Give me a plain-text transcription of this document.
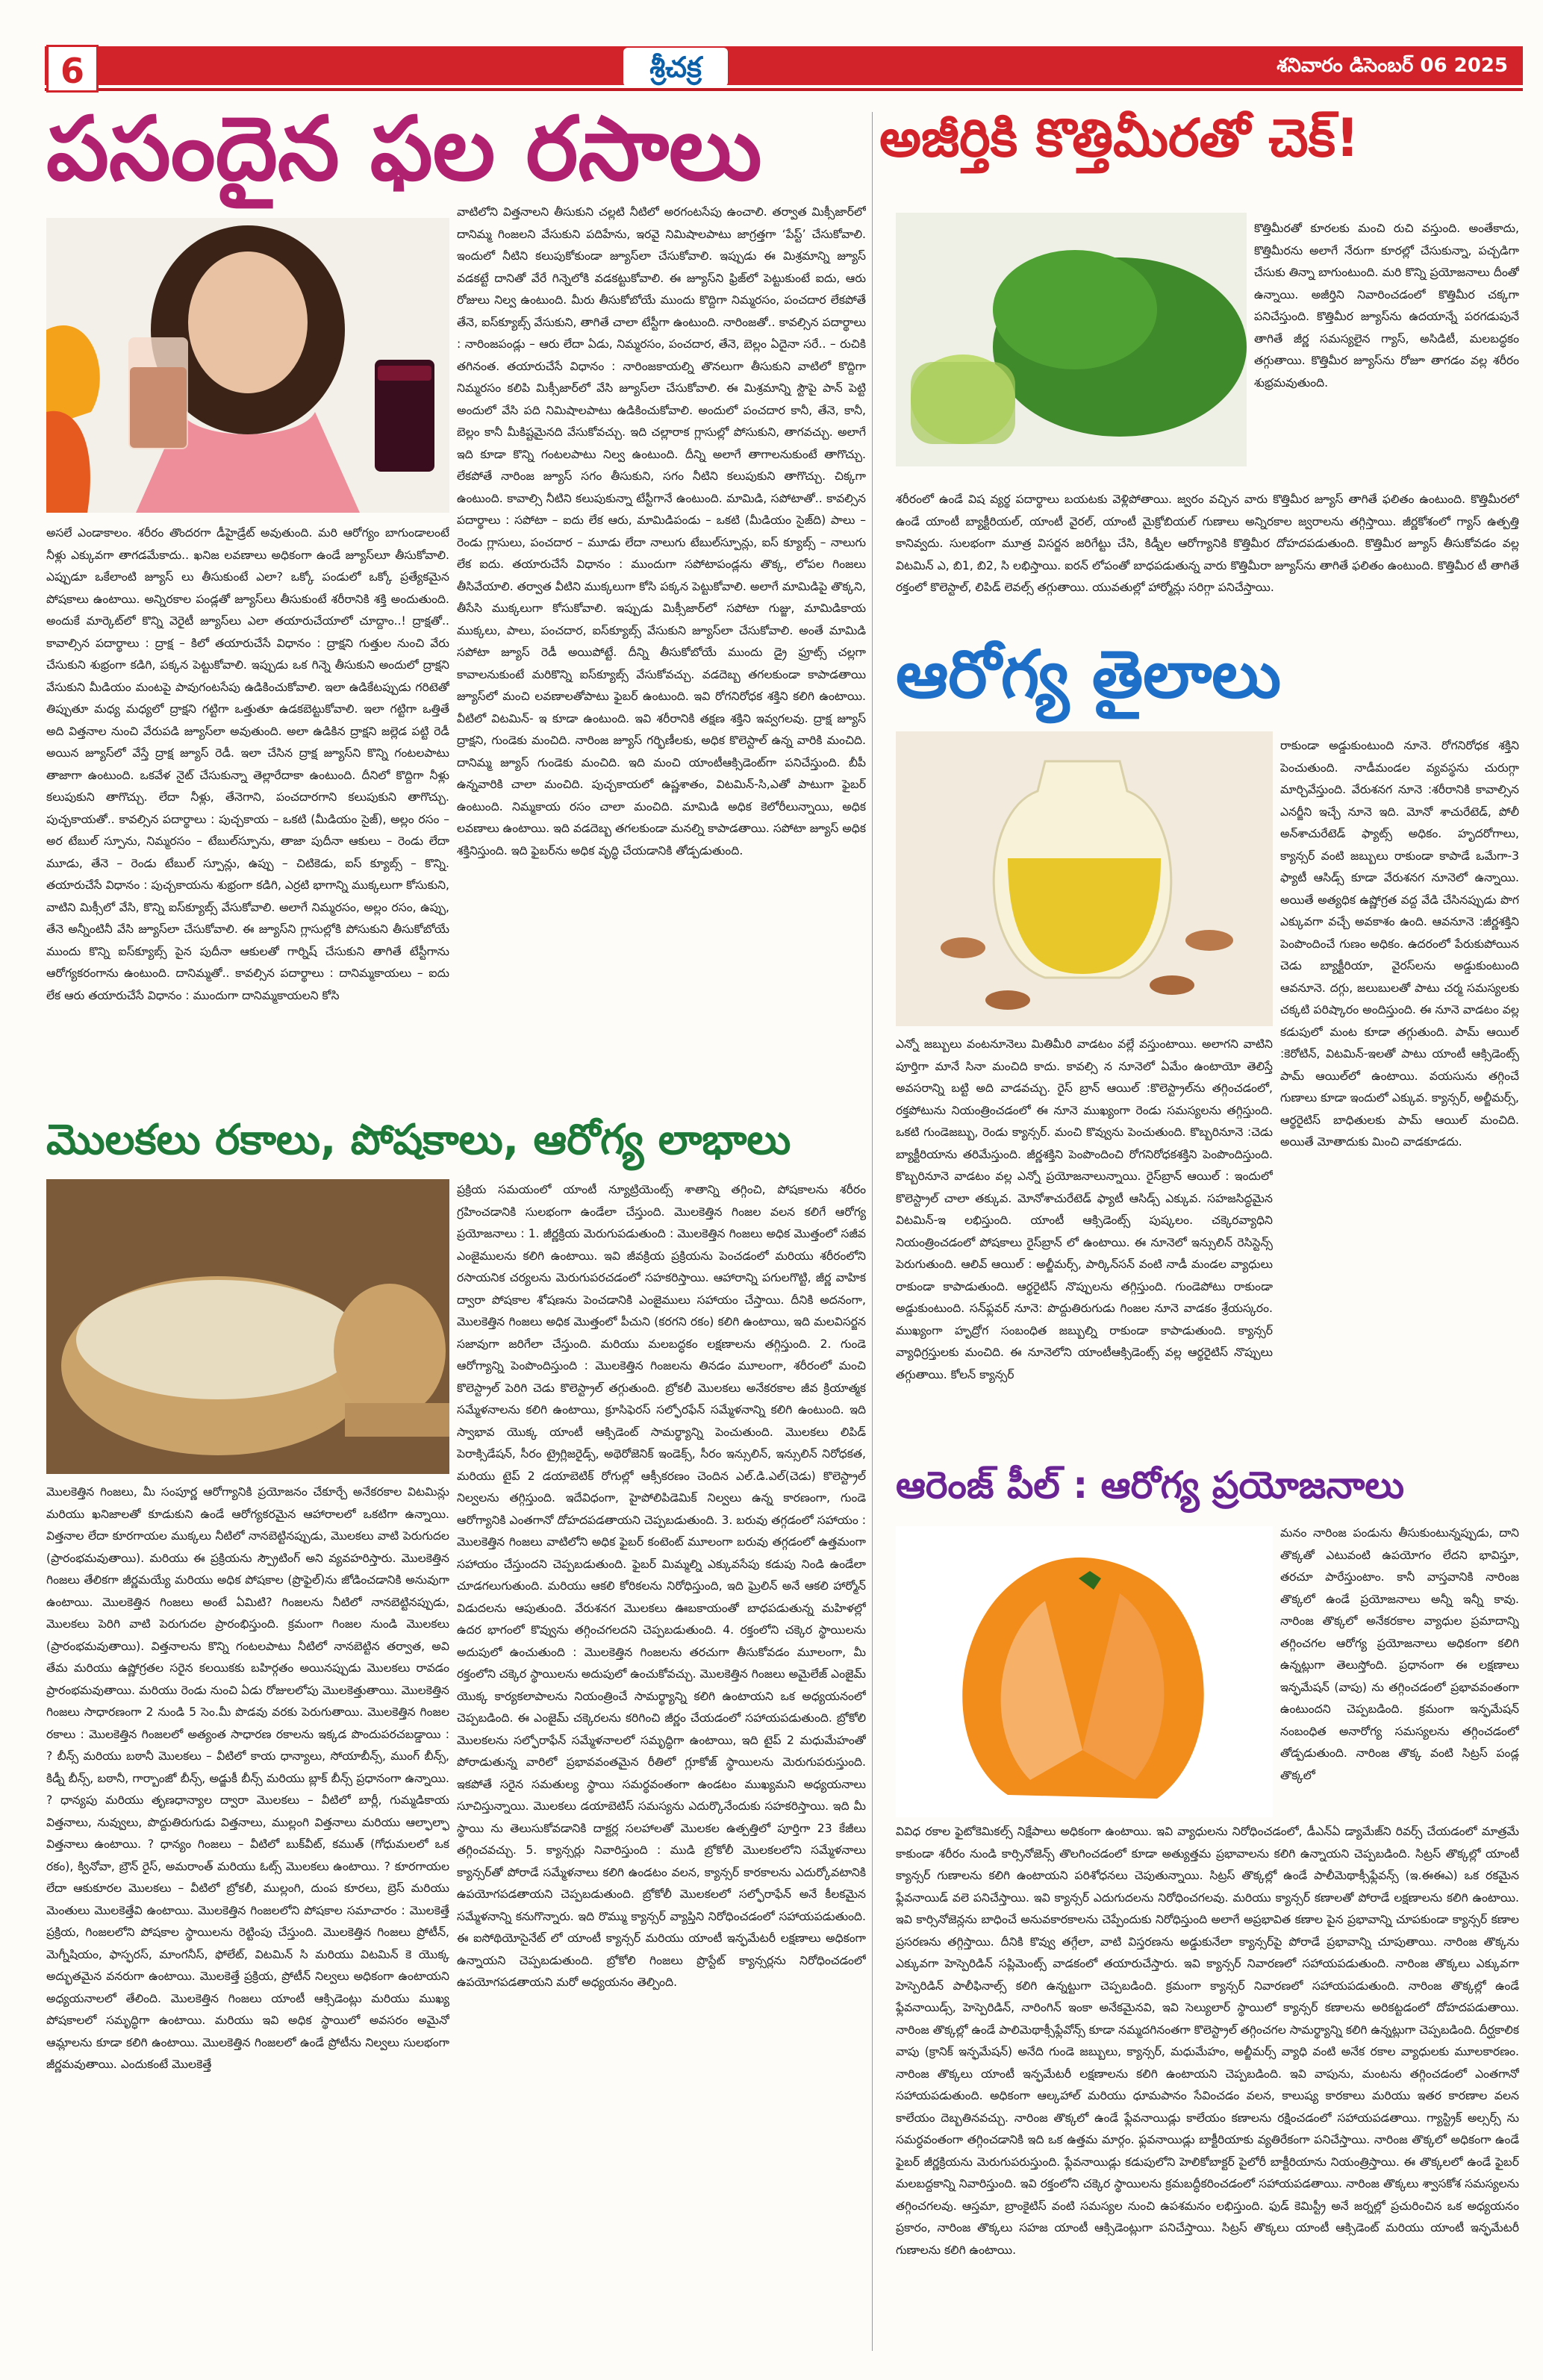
6	శ్రీచక్ర	శనివారం డిసెంబర్ 06 2025
పసందైన ఫల రసాలు
అసలే ఎండాకాలం. శరీరం తొందరగా డీహైడ్రేట్ అవుతుంది. మరి ఆరోగ్యం బాగుండాలంటే నీళ్లు ఎక్కువగా తాగడమేకాదు.. ఖనిజ లవణాలు అధికంగా ఉండే జ్యూస్‌లూ తీసుకోవాలి. ఎప్పుడూ ఒకేలాంటి జ్యూస్ లు తీసుకుంటే ఎలా? ఒక్కో పండులో ఒక్కో ప్రత్యేకమైన పోషకాలు ఉంటాయి. అన్నిరకాల పండ్లతో జ్యూస్‌లు తీసుకుంటే శరీరానికి శక్తి అందుతుంది. అందుకే మార్కెట్‌లో కొన్ని వెరైటీ జ్యూస్‌లు ఎలా తయారుచేయాలో చూద్దాం..! ద్రాక్షతో.. కావాల్సిన పదార్థాలు : ద్రాక్ష – కిలో తయారుచేసే విధానం : ద్రాక్షని గుత్తుల నుంచి వేరు చేసుకుని శుభ్రంగా కడిగి, పక్కన పెట్టుకోవాలి. ఇప్పుడు ఒక గిన్నె తీసుకుని అందులో ద్రాక్షని వేసుకుని మీడియం మంటపై పావుగంటసేపు ఉడికించుకోవాలి. ఇలా ఉడికేటప్పుడు గరిటెతో తిప్పుతూ మధ్య మధ్యలో ద్రాక్షని గట్టిగా ఒత్తుతూ ఉడకబెట్టుకోవాలి. ఇలా గట్టిగా ఒత్తితే అది విత్తనాల నుంచి వేరుపడి జ్యూస్‌లా అవుతుంది. అలా ఉడికిన ద్రాక్షని జల్లెడ పట్టి రెడీ అయిన జ్యూస్‌లో వేస్తే ద్రాక్ష జ్యూస్ రెడీ. ఇలా చేసిన ద్రాక్ష జ్యూస్‌ని కొన్ని గంటలపాటు తాజాగా ఉంటుంది. ఒకవేళ నైట్ చేసుకున్నా తెల్లారేదాకా ఉంటుంది. దీనిలో కొద్దిగా నీళ్లు కలుపుకుని తాగొచ్చు. లేదా నీళ్లు, తేనెగాని, పంచదారగాని కలుపుకుని తాగొచ్చు. పుచ్చకాయతో.. కావల్సిన పదార్థాలు : పుచ్చకాయ – ఒకటి (మీడియం సైజ్), అల్లం రసం – అర టేబుల్ స్పూను, నిమ్మరసం – టేబుల్‌స్పూను, తాజా పుదీనా ఆకులు – రెండు లేదా మూడు, తేనె – రెండు టేబుల్ స్పూన్లు, ఉప్పు – చిటికెడు, ఐస్ క్యూబ్స్ – కొన్ని. తయారుచేసే విధానం : పుచ్చకాయను శుభ్రంగా కడిగి, ఎర్రటి భాగాన్ని ముక్కలుగా కోసుకుని, వాటిని మిక్సీలో వేసి, కొన్ని ఐస్‌క్యూబ్స్ వేసుకోవాలి. అలాగే నిమ్మరసం, అల్లం రసం, ఉప్పు, తేనె అన్నీంటినీ వేసి జ్యూస్‌లా చేసుకోవాలి. ఈ జ్యూస్‌ని గ్లాసుల్లోకి పోసుకుని తీసుకోబోయే ముందు కొన్ని ఐస్‌క్యూబ్స్ పైన పుదీనా ఆకులతో గార్నిష్ చేసుకుని తాగితే టేస్టీగాను ఆరోగ్యకరంగాను ఉంటుంది. దానిమ్మతో.. కావల్సిన పదార్థాలు : దానిమ్మకాయలు – ఐదు లేక ఆరు తయారుచేసే విధానం : ముందుగా దానిమ్మకాయలని కోసి
వాటిలోని విత్తనాలని తీసుకుని చల్లటి నీటిలో అరగంటసేపు ఉంచాలి. తర్వాత మిక్సీజార్‌లో దానిమ్మ గింజలని వేసుకుని పదిహేను, ఇరవై నిమిషాలపాటు జాగ్రత్తగా ‘పేస్ట్’ చేసుకోవాలి. ఇందులో నీటిని కలుపుకోకుండా జ్యూస్‌లా చేసుకోవాలి. ఇప్పుడు ఈ మిశ్రమాన్ని జ్యూస్ వడకట్టే దానితో వేరే గిన్నెలోకి వడకట్టుకోవాలి. ఈ జ్యూస్‌ని ఫ్రిజ్‌లో పెట్టుకుంటే ఐదు, ఆరు రోజులు నిల్వ ఉంటుంది. మీరు తీసుకోబోయే ముందు కొద్దిగా నిమ్మరసం, పంచదార లేకపోతే తేనె, ఐస్‌క్యూబ్స్ వేసుకుని, తాగితే చాలా టేస్టీగా ఉంటుంది. నారింజతో.. కావల్సిన పదార్థాలు : నారింజపండ్లు – ఆరు లేదా ఏడు, నిమ్మరసం, పంచదార, తేనె, బెల్లం ఏదైనా సరే.. – రుచికి తగినంత. తయారుచేసే విధానం : నారింజకాయల్ని తొనలుగా తీసుకుని వాటిలో కొద్దిగా నిమ్మరసం కలిపి మిక్సీజార్‌లో వేసి జ్యూస్‌లా చేసుకోవాలి. ఈ మిశ్రమాన్ని స్టౌపై పాన్ పెట్టి అందులో వేసి పది నిమిషాలపాటు ఉడికించుకోవాలి. అందులో పంచదార కానీ, తేనె, కానీ, బెల్లం కానీ మీకిష్టమైనది వేసుకోవచ్చు. ఇది చల్లారాక గ్లాసుల్లో పోసుకుని, తాగవచ్చు. అలాగే ఇది కూడా కొన్ని గంటలపాటు నిల్వ ఉంటుంది. దీన్ని అలాగే తాగాలనుకుంటే తాగొచ్చు. లేకపోతే నారింజ జ్యూస్ సగం తీసుకుని, సగం నీటిని కలుపుకుని తాగొచ్చు. చిక్కగా ఉంటుంది. కావాల్సి నీటిని కలుపుకున్నా టేస్టీగానే ఉంటుంది. మామిడి, సపోటాతో.. కావల్సిన పదార్థాలు : సపోటా – ఐదు లేక ఆరు, మామిడిపండు – ఒకటి (మీడియం సైజ్‌ది) పాలు – రెండు గ్లాసులు, పంచదార – మూడు లేదా నాలుగు టేబుల్‌స్పూన్లు, ఐస్ క్యూబ్స్ – నాలుగు లేక ఐదు. తయారుచేసే విధానం : ముందుగా సపోటాపండ్లను తొక్క, లోపల గింజలు తీసివేయాలి. తర్వాత వీటిని ముక్కలుగా కోసి పక్కన పెట్టుకోవాలి. అలాగే మామిడిపై తొక్కని, తీసేసి ముక్కలుగా కోసుకోవాలి. ఇప్పుడు మిక్సీజార్‌లో సపోటా గుజ్జు, మామిడికాయ ముక్కలు, పాలు, పంచదార, ఐస్‌క్యూబ్స్ వేసుకుని జ్యూస్‌లా చేసుకోవాలి. అంతే మామిడి సపోటా జ్యూస్ రెడీ అయిపోట్టే. దీన్ని తీసుకోబోయే ముందు డ్రై ఫ్రూట్స్ చల్లగా కావాలనుకుంటే మరికొన్ని ఐస్‌క్యూబ్స్ వేసుకోవచ్చు. వడదెబ్బ తగలకుండా కాపాడతాయి జ్యూస్‌లో మంచి లవణాలతోపాటు ఫైబర్ ఉంటుంది. ఇవి రోగనిరోధక శక్తిని కలిగి ఉంటాయి. వీటిలో విటమిన్- ఇ కూడా ఉంటుంది. ఇవి శరీరానికి తక్షణ శక్తిని ఇవ్వగలవు. ద్రాక్ష జ్యూస్ ద్రాక్షని, గుండెకు మంచిది. నారింజ జ్యూస్ గర్భిణీలకు, అధిక కొలెస్టాల్ ఉన్న వారికి మంచిది. దానిమ్మ జ్యూస్ గుండెకు మంచిది. ఇది మంచి యాంటీఆక్సిడెంట్‌గా పనిచేస్తుంది. బీపీ ఉన్నవారికి చాలా మంచిది. పుచ్చకాయలో ఉష్ణశాతం, విటమిన్-సి,ఎ‌తో పాటుగా ఫైబర్ ఉంటుంది. నిమ్మకాయ రసం చాలా మంచిది. మామిడి అధిక కెలోరీలున్నాయి, అధిక లవణాలు ఉంటాయి. ఇది వడదెబ్బ తగలకుండా మనల్ని కాపాడతాయి. సపోటా జ్యూస్ అధిక శక్తినిస్తుంది. ఇది ఫైబర్‌ను అధిక వృద్ధి చేయడానికి తోడ్పడుతుంది.
మొలకలు రకాలు, పోషకాలు, ఆరోగ్య లాభాలు
మొలకెత్తిన గింజలు, మీ సంపూర్ణ ఆరోగ్యానికి ప్రయోజనం చేకూర్చే అనేకరకాల విటమిన్లు మరియు ఖనిజాలతో కూడుకుని ఉండే ఆరోగ్యకరమైన ఆహారాలలో ఒకటిగా ఉన్నాయి. విత్తనాల లేదా కూరగాయల ముక్కలు నీటిలో నానబెట్టినప్పుడు, మొలకలు వాటి పెరుగుదల (ప్రారంభమవుతాయి). మరియు ఈ ప్రక్రియను స్ప్రౌటింగ్ అని వ్యవహరిస్తారు. మొలకెత్తిన గింజలు తేలికగా జీర్ణమయ్యే మరియు అధిక పోషకాల (ప్రొఫైల్)ను జోడించడానికి అనువుగా ఉంటాయి. మొలకెత్తిన గింజలు అంటే ఏమిటి? గింజలను నీటిలో నానబెట్టినప్పుడు, మొలకలు పెరిగి వాటి పెరుగుదల ప్రారంభిస్తుంది. క్రమంగా గింజల నుండి మొలకలు (ప్రారంభమవుతాయి). విత్తనాలను కొన్ని గంటలపాటు నీటిలో నానబెట్టిన తర్వాత, అవి తేమ మరియు ఉష్ణోగ్రతల సరైన కలయికకు బహిర్గతం అయినప్పుడు మొలకలు రావడం ప్రారంభమవుతాయి. మరియు రెండు నుంచి ఏడు రోజులలోపు మొలకెత్తుతాయి. మొలకెత్తిన గింజలు సాధారణంగా 2 నుండి 5 సెం.మీ పొడవు వరకు పెరుగుతాయి. మొలకెత్తిన గింజల రకాలు : మొలకెత్తిన గింజలలో అత్యంత సాధారణ రకాలను ఇక్కడ పొందుపరచబడ్డాయి : ? బీన్స్ మరియు బఠానీ మొలకలు – వీటిలో కాయ ధాన్యాలు, సోయాబీన్స్, ముంగ్ బీన్స్, కిడ్నీ బీన్స్, బఠానీ, గార్బాంజో బీన్స్, అడ్జుకీ బీన్స్ మరియు బ్లాక్ బీన్స్ ప్రధానంగా ఉన్నాయి. ? ధాన్యపు మరియు తృణధాన్యాల ద్వారా మొలకలు – వీటిలో బార్లీ, గుమ్మడికాయ విత్తనాలు, నువ్వులు, పొద్దుతిరుగుడు విత్తనాలు, ముల్లంగి విత్తనాలు మరియు ఆల్ఫాల్ఫా విత్తనాలు ఉంటాయి. ? ధాన్యం గింజలు – వీటిలో బుక్‌వీట్, కముత్ (గోధుమలలో ఒక రకం), క్వినోవా, బ్రౌన్ రైస్, అమరాంత్ మరియు ఓట్స్ మొలకలు ఉంటాయి. ? కూరగాయల లేదా ఆకుకూరల మొలకలు – వీటిలో బ్రోకలీ, ముల్లంగి, దుంప కూరలు, బ్రెస్ మరియు మెంతులు మొలకెత్తేవి ఉంటాయి. మొలకెత్తిన గింజలలోని పోషకాల సమాచారం : మొలకెత్తే ప్రక్రియ, గింజలలోని పోషకాల స్థాయిలను రెట్టింపు చేస్తుంది. మొలకెత్తిన గింజలు ప్రోటీన్, మెగ్నీషియం, ఫాస్ఫరస్, మాంగనీస్, ఫోలేట్, విటమిన్ సి మరియు విటమిన్ కె యొక్క అద్భుతమైన వనరుగా ఉంటాయి. మొలకెత్తే ప్రక్రియ, ప్రోటీన్ నిల్వలు అధికంగా ఉంటాయని అధ్యయనాలలో తేలింది. మొలకెత్తిన గింజలు యాంటీ ఆక్సిడెంట్లు మరియు ముఖ్య పోషకాలలో సమృద్ధిగా ఉంటాయి. మరియు ఇవి అధిక స్థాయిలో అవసరం అమైనో ఆమ్లాలను కూడా కలిగి ఉంటాయి. మొలకెత్తిన గింజలలో ఉండే ప్రోటీను నిల్వలు సులభంగా జీర్ణమవుతాయి. ఎందుకంటే మొలకెత్తే
ప్రక్రియ సమయంలో యాంటీ న్యూట్రియెంట్స్ శాతాన్ని తగ్గించి, పోషకాలను శరీరం గ్రహించడానికి సులభంగా ఉండేలా చేస్తుంది. మొలకెత్తిన గింజల వలన కలిగే ఆరోగ్య ప్రయోజనాలు : 1. జీర్ణక్రియ మెరుగుపడుతుంది : మొలకెత్తిన గింజలు అధిక మొత్తంలో సజీవ ఎంజైములను కలిగి ఉంటాయి. ఇవి జీవక్రియ ప్రక్రియను పెంచడంలో మరియు శరీరంలోని రసాయనిక చర్యలను మెరుగుపరచడంలో సహకరిస్తాయి. ఆహారాన్ని పగులగొట్టి, జీర్ణ వాహిక ద్వారా పోషకాల శోషణను పెంచడానికి ఎంజైములు సహాయం చేస్తాయి. దీనికి అదనంగా, మొలకెత్తిన గింజలు అధిక మొత్తంలో పీచుని (కరగని రకం) కలిగి ఉంటాయి, ఇది మలవిసర్జన సజావుగా జరిగేలా చేస్తుంది. మరియు మలబద్ధకం లక్షణాలను తగ్గిస్తుంది. 2. గుండె ఆరోగ్యాన్ని పెంపొందిస్తుంది : మొలకెత్తిన గింజలను తినడం మూలంగా, శరీరంలో మంచి కొలెస్ట్రాల్ పెరిగి చెడు కొలెస్ట్రాల్ తగ్గుతుంది. బ్రోకలీ మొలకలు అనేకరకాల జీవ క్రియాత్మక సమ్మేళనాలను కలిగి ఉంటాయి, క్రూసిఫెరస్ సల్ఫోరఫేన్ సమ్మేళనాన్ని కలిగి ఉంటుంది. ఇది స్వాభావ యొక్క యాంటీ ఆక్సిడెంట్ సామర్థ్యాన్ని పెంచుతుంది. మొలకలు లిపిడ్ పెరాక్సిడేషన్, సీరం ట్రైగ్లిజరైడ్స్, అథెరోజెనిక్ ఇండెక్స్, సీరం ఇన్సులిన్, ఇన్సులిన్ నిరోధకత, మరియు టైప్ 2 డయాబెటిక్ రోగుల్లో ఆక్సీకరణం చెందిన ఎల్.డి.ఎల్(చెడు) కొలెస్ట్రాల్ నిల్వలను తగ్గిస్తుంది. ఇదేవిధంగా, హైపోలిపిడెమిక్ నిల్వలు ఉన్న కారణంగా, గుండె ఆరోగ్యానికి ఎంతగానో దోహదపడతాయని చెప్పబడుతుంది. 3. బరువు తగ్గడంలో సహాయం : మొలకెత్తిన గింజలు వాటిలోని అధిక ఫైబర్ కంటెంట్ మూలంగా బరువు తగ్గడంలో ఉత్తమంగా సహాయం చేస్తుందని చెప్పబడుతుంది. ఫైబర్ మిమ్మల్ని ఎక్కువసేపు కడుపు నిండి ఉండేలా చూడగలుగుతుంది. మరియు ఆకలి కోరికలను నిరోధిస్తుంది, ఇది ఘ్రెలిన్ అనే ఆకలి హార్మోన్ విడుదలను ఆపుతుంది. వేరుశనగ మొలకలు ఊబకాయంతో బాధపడుతున్న మహిళల్లో ఉదర భాగంలో కొవ్వును తగ్గించగలదని చెప్పబడుతుంది. 4. రక్తంలోని చక్కెర స్థాయిలను అదుపులో ఉంచుతుంది : మొలకెత్తిన గింజలను తరచుగా తీసుకోవడం మూలంగా, మీ రక్తంలోని చక్కెర స్థాయిలను అదుపులో ఉంచుకోవచ్చు. మొలకెత్తిన గింజలు అమైలేజ్ ఎంజైమ్ యొక్క కార్యకలాపాలను నియంత్రించే సామర్థ్యాన్ని కలిగి ఉంటాయని ఒక అధ్యయనంలో చెప్పబడింది. ఈ ఎంజైమ్ చక్కెరలను కరిగించి జీర్ణం చేయడంలో సహాయపడుతుంది. బ్రోకోలి మొలకలను సల్ఫోరాఫేన్ సమ్మేళనాలలో సమృద్ధిగా ఉంటాయి, ఇది టైప్ 2 మధుమేహంతో పోరాడుతున్న వారిలో ప్రభావవంతమైన రీతిలో గ్లూకోజ్ స్థాయిలను మెరుగుపరుస్తుంది. ఇకపోతే సరైన సమతుల్య స్థాయి సమర్థవంతంగా ఉండటం ముఖ్యమని అధ్యయనాలు సూచిస్తున్నాయి. మొలకలు డయాబెటిస్ సమస్యను ఎదుర్కొనేందుకు సహకరిస్తాయి. ఇది మీ స్థాయి ను తెలుసుకోవడానికి దాక్టర్ల సలహాలతో మొలకల ఉత్పత్తిలో పూర్తిగా 23 కేజీలు తగ్గించవచ్చు. 5. క్యాన్సర్లు నివారిస్తుంది : ముడి బ్రోకోలీ మొలకలలోని సమ్మేళనాలు క్యాన్సర్‌తో పోరాడే సమ్మేళనాలు కలిగి ఉండటం వలన, క్యాన్సర్ కారకాలను ఎదుర్కోవటానికి ఉపయోగపడతాయని చెప్పబడుతుంది. బ్రోకోలీ మొలకలలో సల్ఫోరాఫేన్ అనే కీలకమైన సమ్మేళనాన్ని కనుగొన్నారు. ఇది రొమ్ము క్యాన్సర్ వ్యాప్తిని నిరోధించడంలో సహాయపడుతుంది. ఈ ఐసోథియోసైనేట్ లో యాంటీ క్యాన్సర్ మరియు యాంటీ ఇన్ఫమేటరీ లక్షణాలు అధికంగా ఉన్నాయని చెప్పబడుతుంది. బ్రోకోలి గింజలు ప్రొస్టేట్ క్యాన్సర్లను నిరోధించడంలో ఉపయోగపడతాయని మరో అధ్యయనం తెల్పింది.
అజీర్తికి కొత్తిమీరతో చెక్!
కొత్తిమీరతో కూరలకు మంచి రుచి వస్తుంది. అంతేకాదు, కొత్తిమీరను అలాగే నేరుగా కూరల్లో చేసుకున్నా, పచ్చడిగా చేసుకు తిన్నా బాగుంటుంది. మరి కొన్ని ప్రయోజనాలు దీంతో ఉన్నాయి. అజీర్తిని నివారించడంలో కొత్తిమీర చక్కగా పనిచేస్తుంది. కొత్తిమీర జ్యూస్‌ను ఉదయాన్నే పరగడుపునే తాగితే జీర్ణ సమస్యలైన గ్యాస్, అసిడిటీ, మలబద్ధకం తగ్గుతాయి. కొత్తిమీర జ్యూస్‌ను రోజూ తాగడం వల్ల శరీరం శుభ్రమవుతుంది.
శరీరంలో ఉండే విష వ్యర్థ పదార్థాలు బయటకు వెళ్లిపోతాయి. జ్వరం వచ్చిన వారు కొత్తిమీర జ్యూస్ తాగితే ఫలితం ఉంటుంది. కొత్తిమీరలో ఉండే యాంటీ బ్యాక్టీరియల్, యాంటీ వైరల్, యాంటీ మైక్రోబియల్ గుణాలు అన్నిరకాల జ్వరాలను తగ్గిస్తాయి. జీర్ణకోశంలో గ్యాస్ ఉత్పత్తి కానివ్వదు. సులభంగా మూత్ర విసర్జన జరిగేట్టు చేసి, కిడ్నీల ఆరోగ్యానికి కొత్తిమీర దోహదపడుతుంది. కొత్తిమీర జ్యూస్ తీసుకోవడం వల్ల విటమిన్ ఎ, బి1, బి2, సి లభిస్తాయి. ఐరన్ లోపంతో బాధపడుతున్న వారు కొత్తిమీరా జ్యూస్‌ను తాగితే ఫలితం ఉంటుంది. కొత్తిమీర టీ తాగితే రక్తంలో కొలెస్టాల్, లిపిడ్ లెవల్స్ తగ్గుతాయి. యువతుల్లో హార్మోన్లు సరిగ్గా పనిచేస్తాయి.
ఆరోగ్య తైలాలు
రాకుండా అడ్డుకుంటుంది నూనె. రోగనిరోధక శక్తిని పెంచుతుంది. నాడీమండల వ్యవస్థను చురుగ్గా మార్చివేస్తుంది. వేరుశనగ నూనె :శరీరానికి కావాల్సిన ఎనర్జీని ఇచ్చే నూనె ఇది. మోనో శాచురేటెడ్, పోలీ అన్‌శాచురేటెడ్ ఫ్యాట్స్ అధికం. హృదరోగాలు, క్యాన్సర్ వంటి జబ్బులు రాకుండా కాపాడే ఒమేగా-3 ఫ్యాటీ ఆసిడ్స్ కూడా వేరుశనగ నూనెలో ఉన్నాయి. అయితే అత్యధిక ఉష్ణోగ్రత వద్ద వేడి చేసినప్పుడు పొగ ఎక్కువగా వచ్చే అవకాశం ఉంది. ఆవనూనె :జీర్ణశక్తిని పెంపొందించే గుణం అధికం. ఉదరంలో పేరుకుపోయిన చెడు బ్యాక్టీరియా, వైరస్‌లను అడ్డుకుంటుంది ఆవనూనె. దగ్గు, జలుబులతో పాటు చర్మ సమస్యలకు చక్కటి పరిష్కారం అందిస్తుంది. ఈ నూనె వాడటం వల్ల కడుపులో మంట కూడా తగ్గుతుంది. పామ్ ఆయిల్ :కెరోటిన్, విటమిన్-ఇలతో పాటు యాంటీ ఆక్సిడెంట్స్ పామ్ ఆయిల్‌లో ఉంటాయి. వయసును తగ్గించే గుణాలు కూడా ఇందులో ఎక్కువ. క్యాన్సర్, అల్జీమర్స్, ఆర్థరైటిస్ బాధితులకు పామ్ ఆయిల్ మంచిది. అయితే మోతాదుకు మించి వాడకూడదు.
ఎన్నో జబ్బులు వంటనూనెలు మితిమీరి వాడటం వల్లే వస్తుంటాయి. అలాగని వాటిని పూర్తిగా మానే సినా మంచిది కాదు. కావల్సి న నూనెలో ఏమేం ఉంటాయో తెలిస్తే అవసరాన్ని బట్టి అది వాడవచ్చు. రైస్ బ్రాన్ ఆయిల్ :కొలెస్ట్రాల్‌ను తగ్గించడంలో, రక్తపోటును నియంత్రించడంలో ఈ నూనె ముఖ్యంగా రెండు సమస్యలను తగ్గిస్తుంది. ఒకటి గుండెజబ్బు, రెండు క్యాన్సర్. మంచి కొవ్వును పెంచుతుంది. కొబ్బరినూనె :చెడు బ్యాక్టీరియాను తరిమేస్తుంది. జీర్ణశక్తిని పెంపొందించి రోగనిరోధకశక్తిని పెంపొందిస్తుంది. కొబ్బరినూనె వాడటం వల్ల ఎన్నో ప్రయోజనాలున్నాయి. రైస్‌బ్రాన్ ఆయిల్ : ఇందులో కొలెస్ట్రాల్ చాలా తక్కువ. మోనోశాచురేటెడ్ ఫ్యాటీ ఆసిడ్స్ ఎక్కువ. సహజసిద్ధమైన విటమిన్-ఇ లభిస్తుంది. యాంటీ ఆక్సిడెంట్స్ పుష్కలం. చక్కెరవ్యాధిని నియంత్రించడంలో పోషకాలు రైస్‌బ్రాన్ లో ఉంటాయి. ఈ నూనెలో ఇన్సులిన్ రెసిస్టెన్స్ పెరుగుతుంది. ఆలివ్ ఆయిల్ : అల్జీమర్స్, పార్కిన్‌సన్ వంటి నాడీ మండల వ్యాధులు రాకుండా కాపాడుతుంది. ఆర్థరైటిస్ నొప్పులను తగ్గిస్తుంది. గుండెపోటు రాకుండా అడ్డుకుంటుంది. సన్‌ఫ్లవర్ నూనె: పొద్దుతిరుగుడు గింజల నూనె వాడకం శ్రేయస్కరం. ముఖ్యంగా హృద్రోగ సంబంధిత జబ్బుల్ని రాకుండా కాపాడుతుంది. క్యాన్సర్ వ్యాధిగ్రస్తులకు మంచిది. ఈ నూనెలోని యాంటీఆక్సిడెంట్స్ వల్ల ఆర్థరైటిస్ నొప్పులు తగ్గుతాయి. కోలన్ క్యాన్సర్
ఆరెంజ్ పీల్ : ఆరోగ్య ప్రయోజనాలు
మనం నారింజ పండును తీసుకుంటున్నప్పుడు, దాని తొక్కతో ఎటువంటి ఉపయోగం లేదని భావిస్తూ, తరచూ పారేస్తుంటాం. కానీ వాస్తవానికి నారింజ తొక్కలో ఉండే ప్రయోజనాలు అన్నీ ఇన్నీ కావు. నారింజ తొక్కలో అనేకరకాల వ్యాధుల ప్రమాదాన్ని తగ్గించగల ఆరోగ్య ప్రయోజనాలు అధికంగా కలిగి ఉన్నట్లుగా తెలుస్తోంది. ప్రధానంగా ఈ లక్షణాలు ఇన్ఫమేషన్ (వాపు) ను తగ్గించడంలో ప్రభావవంతంగా ఉంటుందని చెప్పబడింది. క్రమంగా ఇన్ఫమేషన్ నంబంధిత అనారోగ్య సమస్యలను తగ్గించడంలో తోడ్పడుతుంది. నారింజ తొక్క వంటి సిట్రస్ పండ్ల తొక్కలో
వివిధ రకాల ఫైటోకెమికల్స్ నిక్షేపాలు అధికంగా ఉంటాయి. ఇవి వ్యాధులను నిరోధించడంలో, డీఎన్‌ఏ డ్యామేజ్‌ని రివర్స్ చేయడంలో మాత్రమే కాకుండా శరీరం నుండి కార్సినోజెన్స్ తొలగించడంలో కూడా అత్యుత్తమ ప్రభావాలను కలిగి ఉన్నాయని చెప్పబడింది. సిట్రస్ తొక్కల్లో యాంటీ క్యాన్సర్ గుణాలను కలిగి ఉంటాయని పరిశోధనలు చెపుతున్నాయి. సిట్రస్ తొక్కల్లో ఉండే పాలీమెథాక్సీఫ్లేవన్స్ (ఇ.ఈఈఎ) ఒక రకమైన ఫ్లేవనాయిడ్ వలె పనిచేస్తాయి. ఇవి క్యాన్సర్ ఎదుగుదలను నిరోధించగలవు. మరియు క్యాన్సర్ కణాలతో పోరాడే లక్షణాలను కలిగి ఉంటాయి. ఇవి కార్సినోజెన్లను బాధించే అనువకారకాలను చెప్పేందుకు నిరోధిస్తుంది అలాగే అప్రభావిత కణాల పైన ప్రభావాన్ని చూపకుండా క్యాన్సర్ కణాల ప్రసరణను తగ్గిస్తాయి. దీనికి కొవ్వు తగ్గేలా, వాటి విస్తరణను అడ్డుకునేలా క్యాన్సర్‌పై పోరాడే ప్రభావాన్ని చూపుతాయి. నారింజ తొక్కను ఎక్కువగా హెస్పెరిడిన్ సప్లిమెంట్స్ వాడకంలో తయారుచేస్తారు. ఇవి క్యాన్సర్ నివారణలో సహాయపడుతుంది. నారింజ తొక్కలు ఎక్కువగా హెస్పెరిడిన్ పాలీఫినాల్స్ కలిగి ఉన్నట్టుగా చెప్పబడింది. క్రమంగా క్యాన్సర్ నివారణలో సహాయపడుతుంది. నారింజ తొక్కల్లో ఉండే ఫ్లేవనాయిడ్స్, హెస్పెరిడిన్, నారింగిన్ ఇంకా అనేకమైనవి, ఇవి సెల్యులార్ స్థాయిలో క్యాన్సర్ కణాలను అరికట్టడంలో దోహదపడుతాయి. నారింజ తొక్కల్లో ఉండే పాలిమెథాక్సీఫ్లేవోన్స్ కూడా నమ్మదగినంతగా కొలెస్ట్రాల్ తగ్గించగల సామర్థ్యాన్ని కలిగి ఉన్నట్లుగా చెప్పబడింది. దీర్ఘకాలిక వాపు (క్రానిక్ ఇన్ఫమేషన్) అనేది గుండె జబ్బులు, క్యాన్సర్, మధుమేహం, అల్జీమర్స్ వ్యాధి వంటి అనేక రకాల వ్యాధులకు మూలకారణం. నారింజ తొక్కలు యాంటీ ఇన్ఫమేటరీ లక్షణాలను కలిగి ఉంటాయని చెప్పబడింది. ఇవి వాపును, మంటను తగ్గించడంలో ఎంతగానో సహాయపడుతుంది. అధికంగా ఆల్కహాల్ మరియు ధూమపానం సేవించడం వలన, కాలుష్య కారకాలు మరియు ఇతర కారణాల వలన కాలేయం దెబ్బతినవచ్చు. నారింజ తొక్కలో ఉండే ఫ్లేవనాయిడ్లు కాలేయం కణాలను రక్షించడంలో సహాయపడతాయి. గ్యాస్ట్రిక్ అల్సర్స్ ను సమర్ధవంతంగా తగ్గించడానికి ఇది ఒక ఉత్తమ మార్గం. ఫ్లవనాయిడ్లు బాక్టీరియాకు వ్యతిరేకంగా పనిచేస్తాయి. నారింజ తొక్కలో అధికంగా ఉండే ఫైబర్ జీర్ణక్రియను మెరుగుపరుస్తుంది. ఫ్లేవనాయిడ్లు కడుపులోని హెలికోబాక్టర్ పైలోరీ బాక్టీరియాను నియంత్రిస్తాయి. ఈ తొక్కలలో ఉండే ఫైబర్ మలబద్దకాన్ని నివారిస్తుంది. ఇవి రక్తంలోని చక్కెర స్థాయిలను క్రమబద్ధీకరించడంలో సహాయపడతాయి. నారింజ తొక్కలు శ్వాసకోశ సమస్యలను తగ్గించగలవు. ఆస్తమా, బ్రాంకైటిస్ వంటి సమస్యల నుంచి ఉపశమనం లభిస్తుంది. ఫుడ్ కెమిస్ట్రీ అనే జర్నల్లో ప్రచురించిన ఒక అధ్యయనం ప్రకారం, నారింజ తొక్కలు సహజ యాంటీ ఆక్సిడెంట్లుగా పనిచేస్తాయి. సిట్రస్ తొక్కలు యాంటీ ఆక్సిడెంట్ మరియు యాంటీ ఇన్ఫమేటరీ గుణాలను కలిగి ఉంటాయి.
